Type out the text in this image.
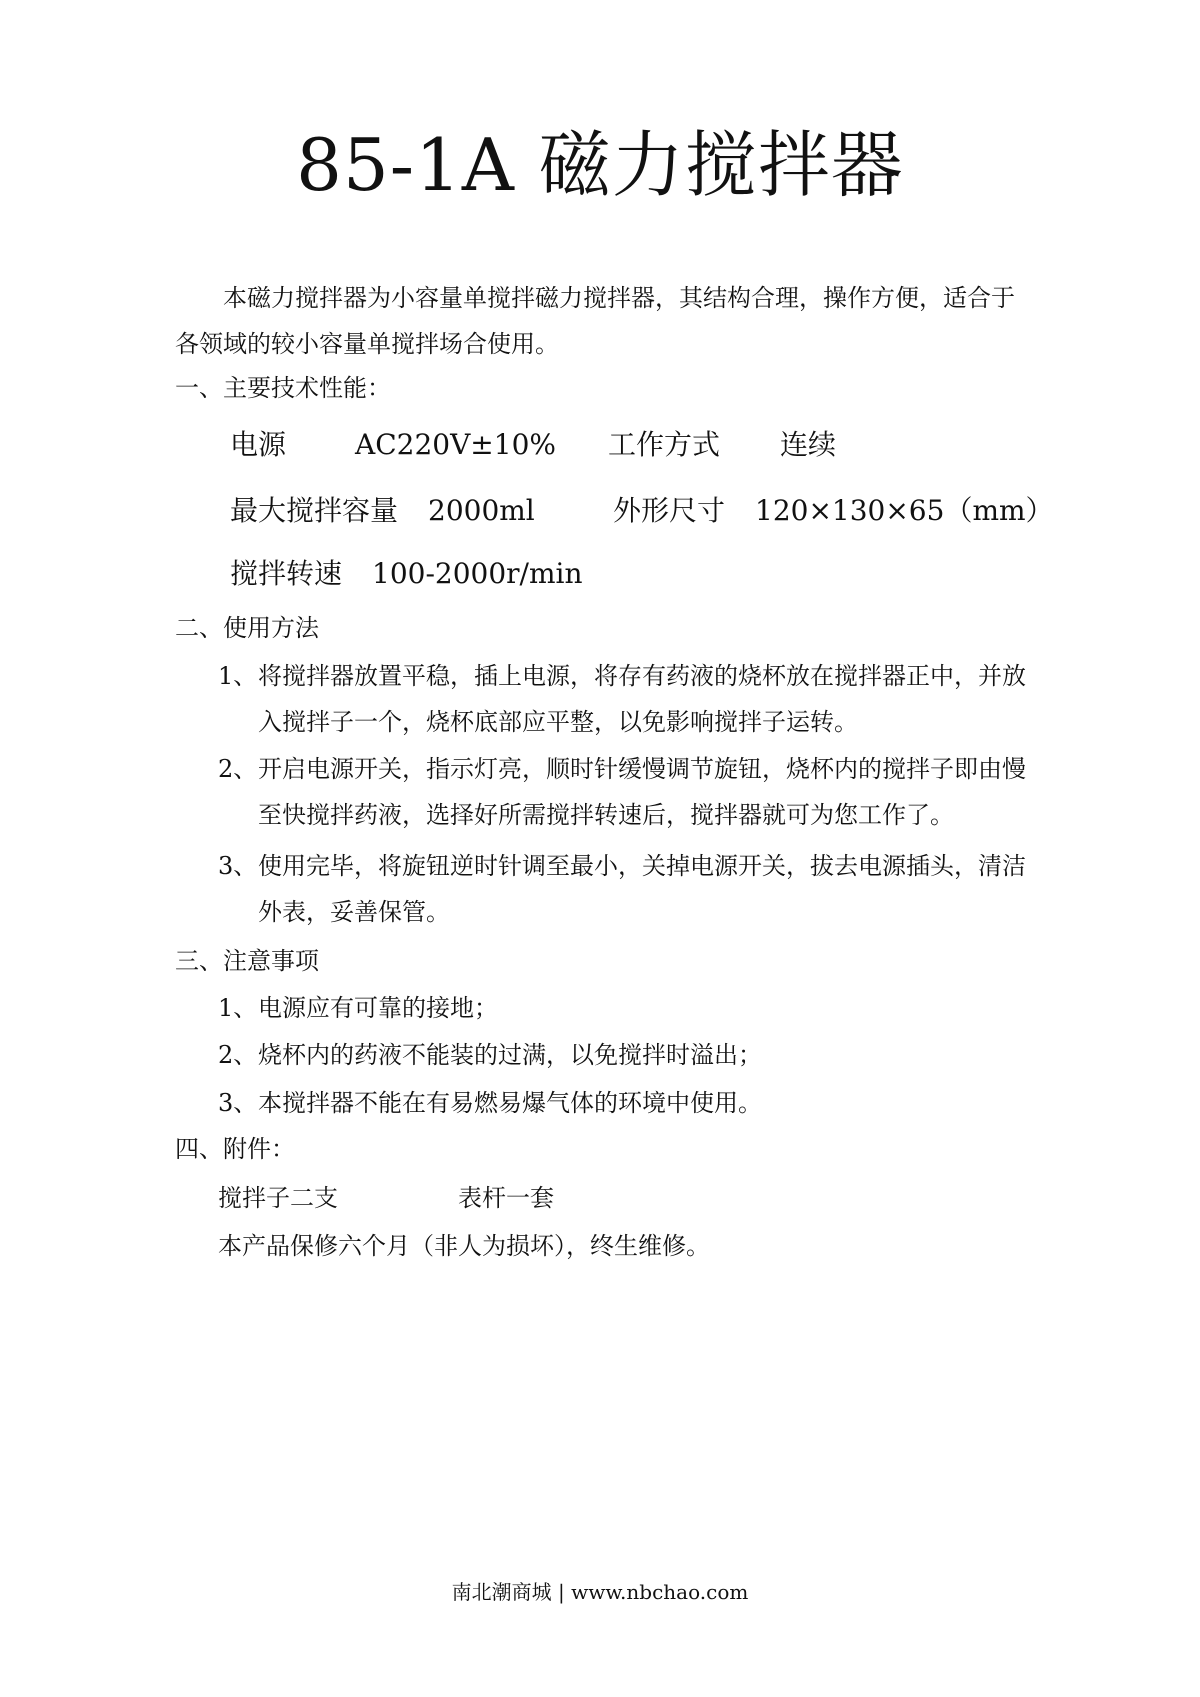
85-1A 磁力搅拌器

本磁力搅拌器为小容量单搅拌磁力搅拌器，其结构合理，操作方便，适合于各领域的较小容量单搅拌场合使用。

一、主要技术性能：
电源 AC220V±10% 工作方式 连续
最大搅拌容量 2000ml	外形尺寸 120×130×65（mm）
搅拌转速 100-2000r/min
二、使用方法
1、 将搅拌器放置平稳，插上电源，将存有药液的烧杯放在搅拌器正中，并放入搅拌子一个，烧杯底部应平整，以免影响搅拌子运转。
2、 开启电源开关，指示灯亮，顺时针缓慢调节旋钮，烧杯内的搅拌子即由慢至快搅拌药液，选择好所需搅拌转速后，搅拌器就可为您工作了。
3、 使用完毕，将旋钮逆时针调至最小，关掉电源开关，拔去电源插头，清洁外表，妥善保管。
三、注意事项
1、 电源应有可靠的接地；
2、 烧杯内的药液不能装的过满，以免搅拌时溢出；
3、 本搅拌器不能在有易燃易爆气体的环境中使用。
四、附件：
搅拌子二支	表杆一套
本产品保修六个月（非人为损坏），终生维修。
南北潮商城 | www.nbchao.com
